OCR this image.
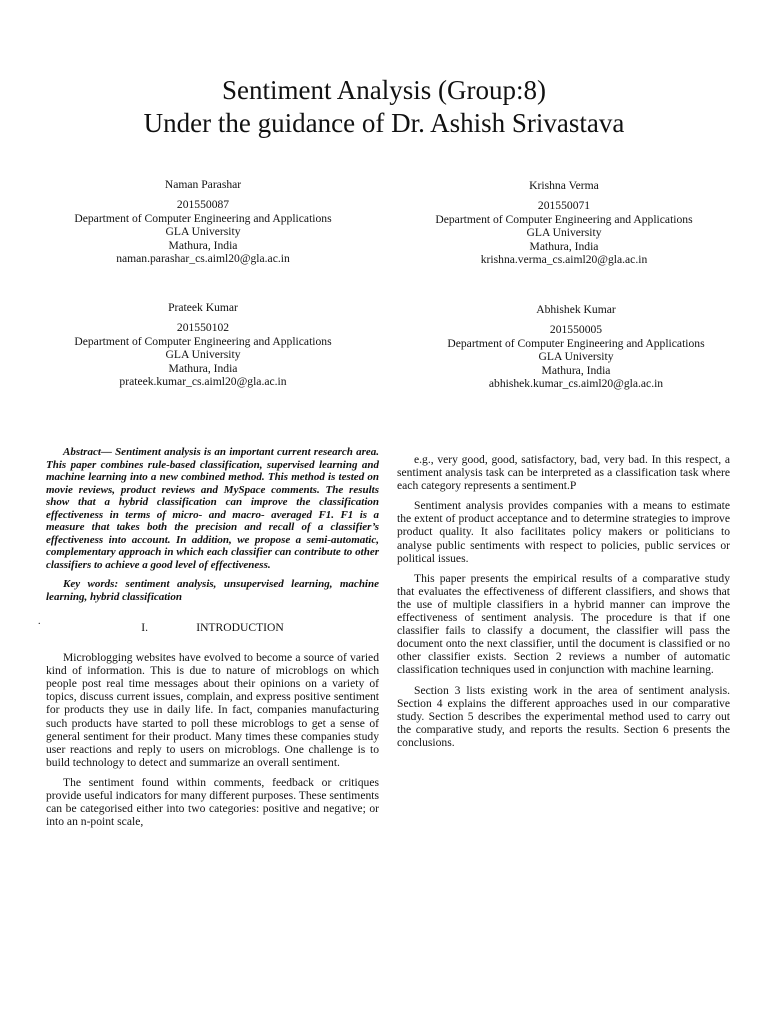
Sentiment Analysis (Group:8)
Under the guidance of Dr. Ashish Srivastava
Naman Parashar
201550087
Department of Computer Engineering and Applications
GLA University
Mathura, India
naman.parashar_cs.aiml20@gla.ac.in
Krishna Verma
201550071
Department of Computer Engineering and Applications
GLA University
Mathura, India
krishna.verma_cs.aiml20@gla.ac.in
Prateek Kumar
201550102
Department of Computer Engineering and Applications
GLA University
Mathura, India
prateek.kumar_cs.aiml20@gla.ac.in
Abhishek Kumar
201550005
Department of Computer Engineering and Applications
GLA University
Mathura, India
abhishek.kumar_cs.aiml20@gla.ac.in

Abstract— Sentiment analysis is an important current research area. This paper combines rule-based classification, supervised learning and machine learning into a new combined method. This method is tested on movie reviews, product reviews and MySpace comments. The results show that a hybrid classification can improve the classification effectiveness in terms of micro- and macro- averaged F1. F1 is a measure that takes both the precision and recall of a classifier’s effectiveness into account. In addition, we propose a semi-automatic, complementary approach in which each classifier can contribute to other classifiers to achieve a good level of effectiveness.

Key words: sentiment analysis, unsupervised learning, machine learning, hybrid classification

I.	INTRODUCTION

Microblogging websites have evolved to become a source of varied kind of information. This is due to nature of microblogs on which people post real time messages about their opinions on a variety of topics, discuss current issues, complain, and express positive sentiment for products they use in daily life. In fact, companies manufacturing such products have started to poll these microblogs to get a sense of general sentiment for their product. Many times these companies study user reactions and reply to users on microblogs. One challenge is to build technology to detect and summarize an overall sentiment.

The sentiment found within comments, feedback or critiques provide useful indicators for many different purposes. These sentiments can be categorised either into two categories: positive and negative; or into an n-point scale,

.

e.g., very good, good, satisfactory, bad, very bad. In this respect, a sentiment analysis task can be interpreted as a classification task where each category represents a sentiment.P

Sentiment analysis provides companies with a means to estimate the extent of product acceptance and to determine strategies to improve product quality. It also facilitates policy makers or politicians to analyse public sentiments with respect to policies, public services or political issues.

This paper presents the empirical results of a comparative study that evaluates the effectiveness of different classifiers, and shows that the use of multiple classifiers in a hybrid manner can improve the effectiveness of sentiment analysis. The procedure is that if one classifier fails to classify a document, the classifier will pass the document onto the next classifier, until the document is classified or no other classifier exists. Section 2 reviews a number of automatic classification techniques used in conjunction with machine learning.

Section 3 lists existing work in the area of sentiment analysis. Section 4 explains the different approaches used in our comparative study. Section 5 describes the experimental method used to carry out the comparative study, and reports the results. Section 6 presents the conclusions.
